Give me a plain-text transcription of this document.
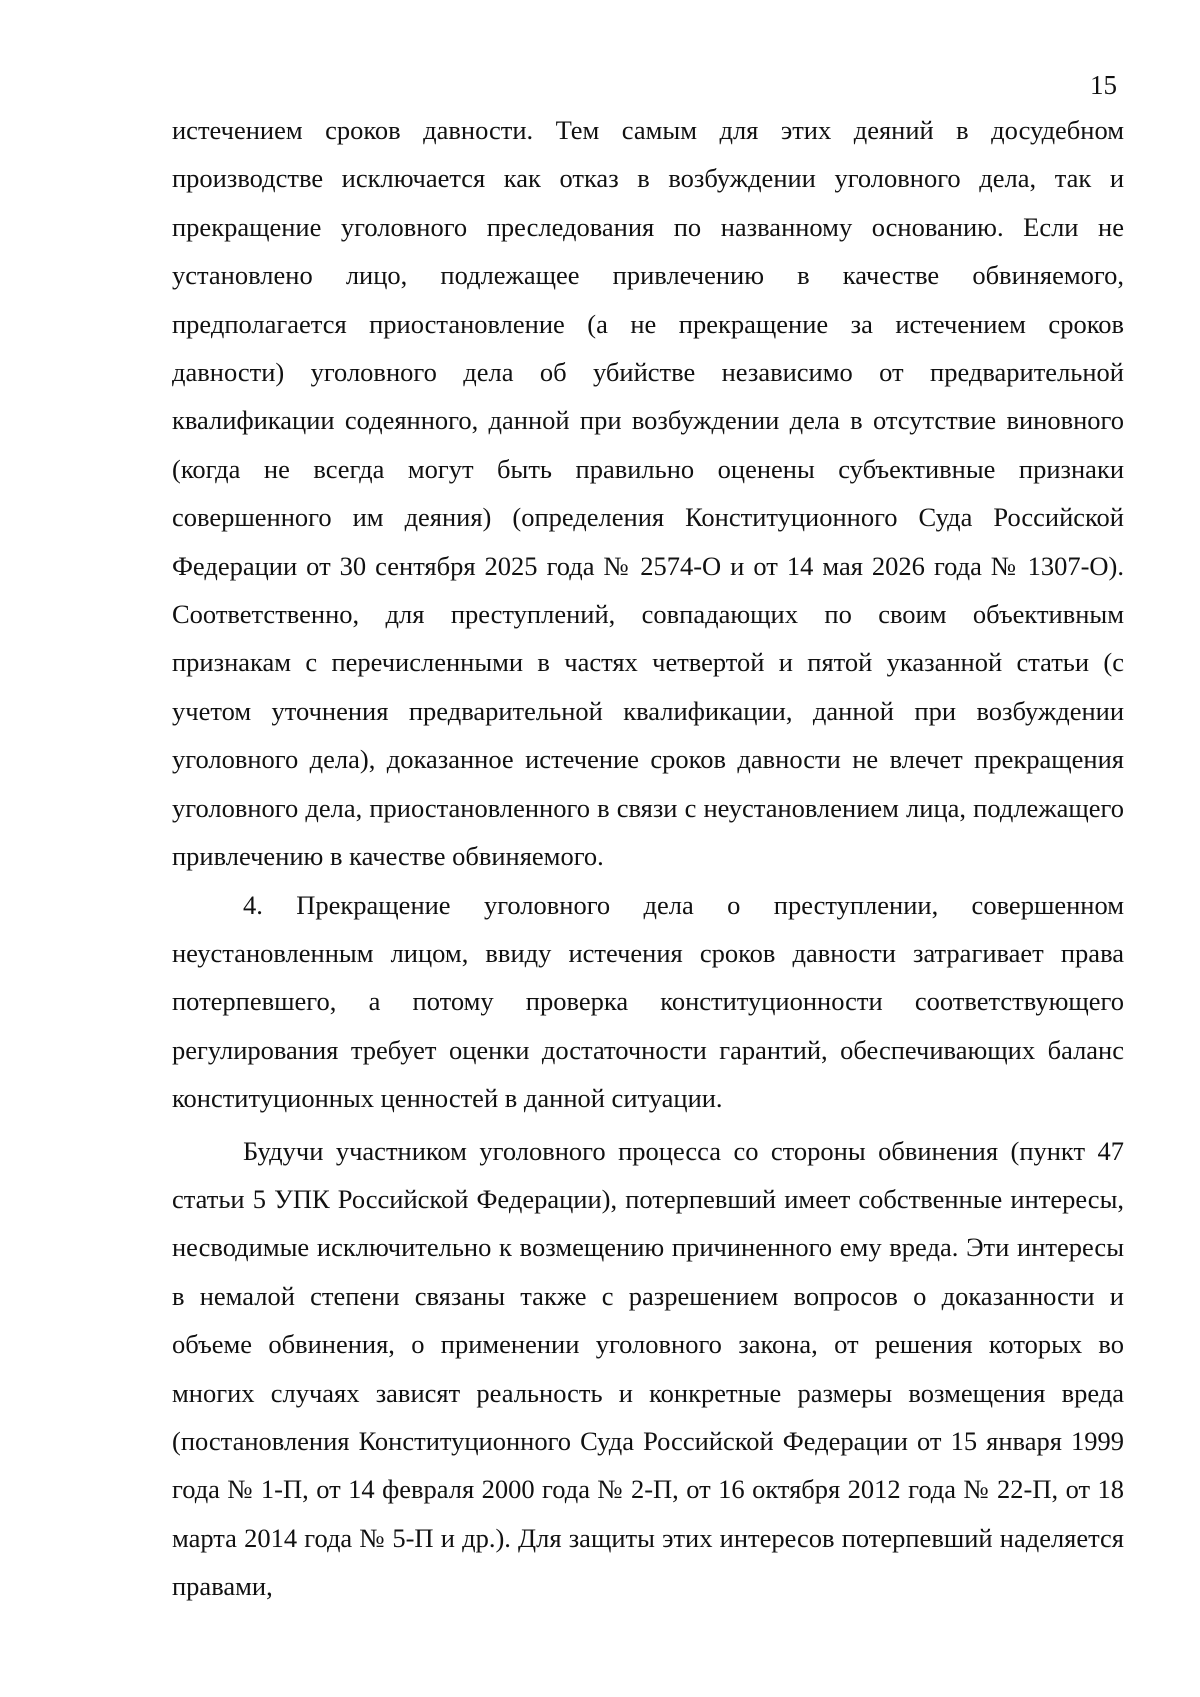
15

истечением сроков давности. Тем самым для этих деяний в досудебном производстве исключается как отказ в возбуждении уголовного дела, так и прекращение уголовного преследования по названному основанию. Если не установлено лицо, подлежащее привлечению в качестве обвиняемого, предполагается приостановление (а не прекращение за истечением сроков давности) уголовного дела об убийстве независимо от предварительной квалификации содеянного, данной при возбуждении дела в отсутствие виновного (когда не всегда могут быть правильно оценены субъективные признаки совершенного им деяния) (определения Конституционного Суда Российской Федерации от 30 сентября 2025 года № 2574-О и от 14 мая 2026 года № 1307-О). Соответственно, для преступлений, совпадающих по своим объективным признакам с перечисленными в частях четвертой и пятой указанной статьи (с учетом уточнения предварительной квалификации, данной при возбуждении уголовного дела), доказанное истечение сроков давности не влечет прекращения уголовного дела, приостановленного в связи с неустановлением лица, подлежащего привлечению в качестве обвиняемого.

4. Прекращение уголовного дела о преступлении, совершенном неустановленным лицом, ввиду истечения сроков давности затрагивает права потерпевшего, а потому проверка конституционности соответствующего регулирования требует оценки достаточности гарантий, обеспечивающих баланс конституционных ценностей в данной ситуации.

Будучи участником уголовного процесса со стороны обвинения (пункт 47 статьи 5 УПК Российской Федерации), потерпевший имеет собственные интересы, несводимые исключительно к возмещению причиненного ему вреда. Эти интересы в немалой степени связаны также с разрешением вопросов о доказанности и объеме обвинения, о применении уголовного закона, от решения которых во многих случаях зависят реальность и конкретные размеры возмещения вреда (постановления Конституционного Суда Российской Федерации от 15 января 1999 года № 1-П, от 14 февраля 2000 года № 2-П, от 16 октября 2012 года № 22-П, от 18 марта 2014 года № 5-П и др.). Для защиты этих интересов потерпевший наделяется правами,
